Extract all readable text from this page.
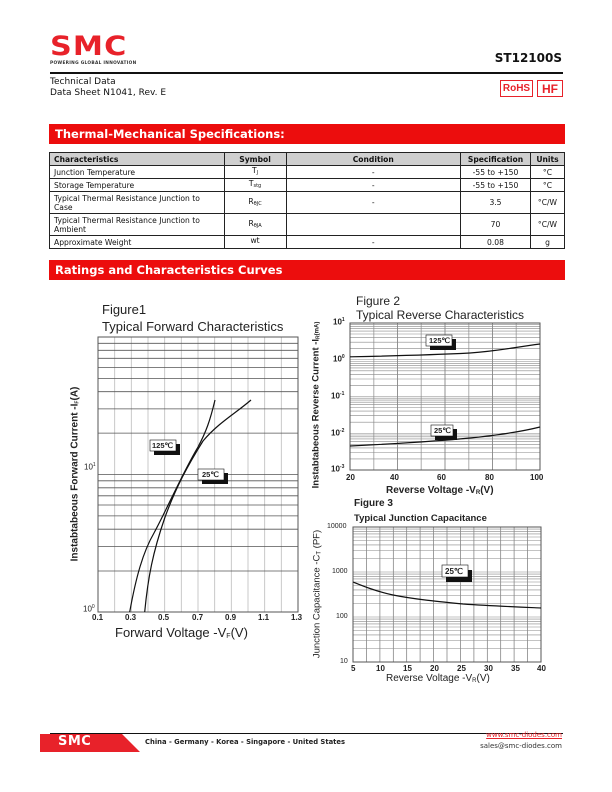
SMC
POWERING GLOBAL INNOVATION	ST12100S
Technical Data
Data Sheet N1041, Rev. E	RoHS HF
Thermal-Mechanical Specifications:
Characteristics	Symbol	Condition	Specification	Units
Junction Temperature	$T_J$	-	-55 to +150	°C
Storage Temperature	$T_{stg}$	-	-55 to +150	°C
Typical Thermal Resistance Junction to Case	$R_{\theta JC}$	-	3.5	°C/W
Typical Thermal Resistance Junction to Ambient	$R_{\theta JA}$		70	°C/W
Approximate Weight	wt	-	0.08	g
Ratings and Characteristics Curves
Figure1
Typical Forward Characteristics
Instabtabeous Forward Current $-I_F(A)$
125℃
25℃
$10^1$
$10^0$
0.1	0.3	0.5	0.7	0.9	1.1	1.3
Forward Voltage $-V_F(V)$
Figure 2
Typical Reverse Characteristics
Instabtabeous Reverse Current $-I_R(mA)$
125℃
25℃
$10^1$
$10^0$
$10^{-1}$
$10^{-2}$
$10^{-3}$
20	40	60	80	100
Reverse Voltage $-V_R(V)$
Figure 3
Typical Junction Capacitance
Junction Capacitance $-C_T$ (PF)
25℃
10000
1000
100
10
5	10 15 20 25 30 35 40
Reverse Voltage $-V_R(V)$
SMC	China - Germany - Korea - Singapore - United States
www.smc-diodes.com
sales@smc-diodes.com
